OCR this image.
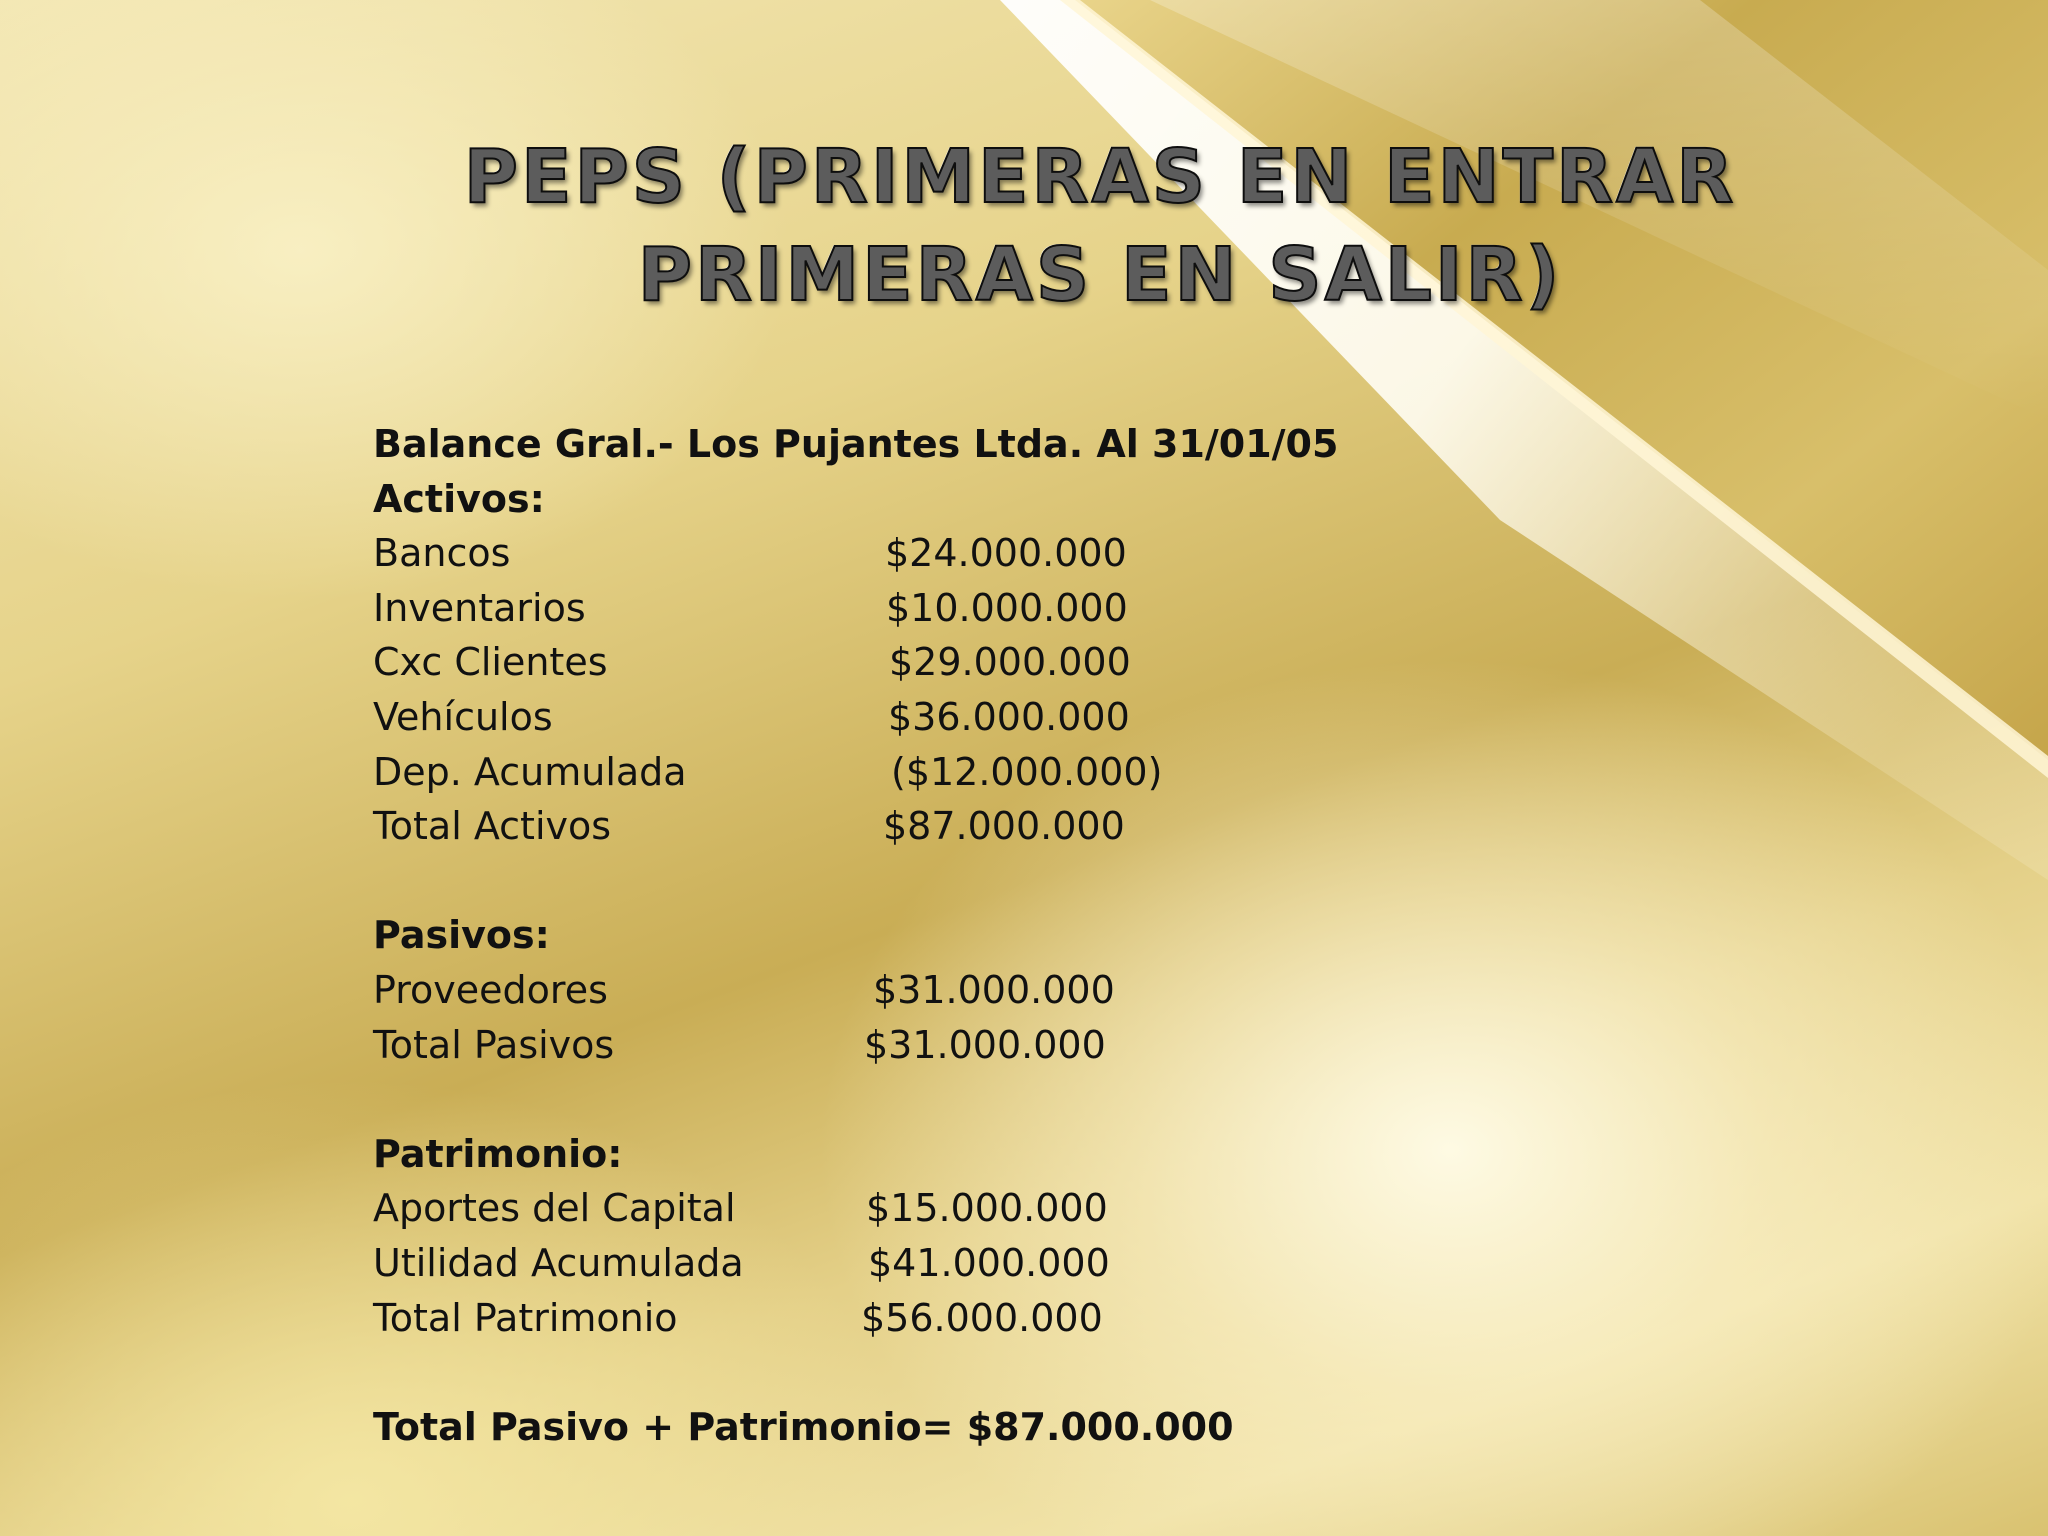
PEPS (PRIMERAS EN ENTRAR
PRIMERAS EN SALIR)
Balance Gral.- Los Pujantes Ltda. Al 31/01/05
Activos:
Bancos	$24.000.000
Inventarios	$10.000.000
Cxc Clientes	$29.000.000
Vehículos	$36.000.000
Dep. Acumulada	($12.000.000)
Total Activos	$87.000.000
Pasivos:
Proveedores	$31.000.000
Total Pasivos	$31.000.000
Patrimonio:
Aportes del Capital	$15.000.000
Utilidad Acumulada	$41.000.000
Total Patrimonio	$56.000.000
Total Pasivo + Patrimonio= $87.000.000
